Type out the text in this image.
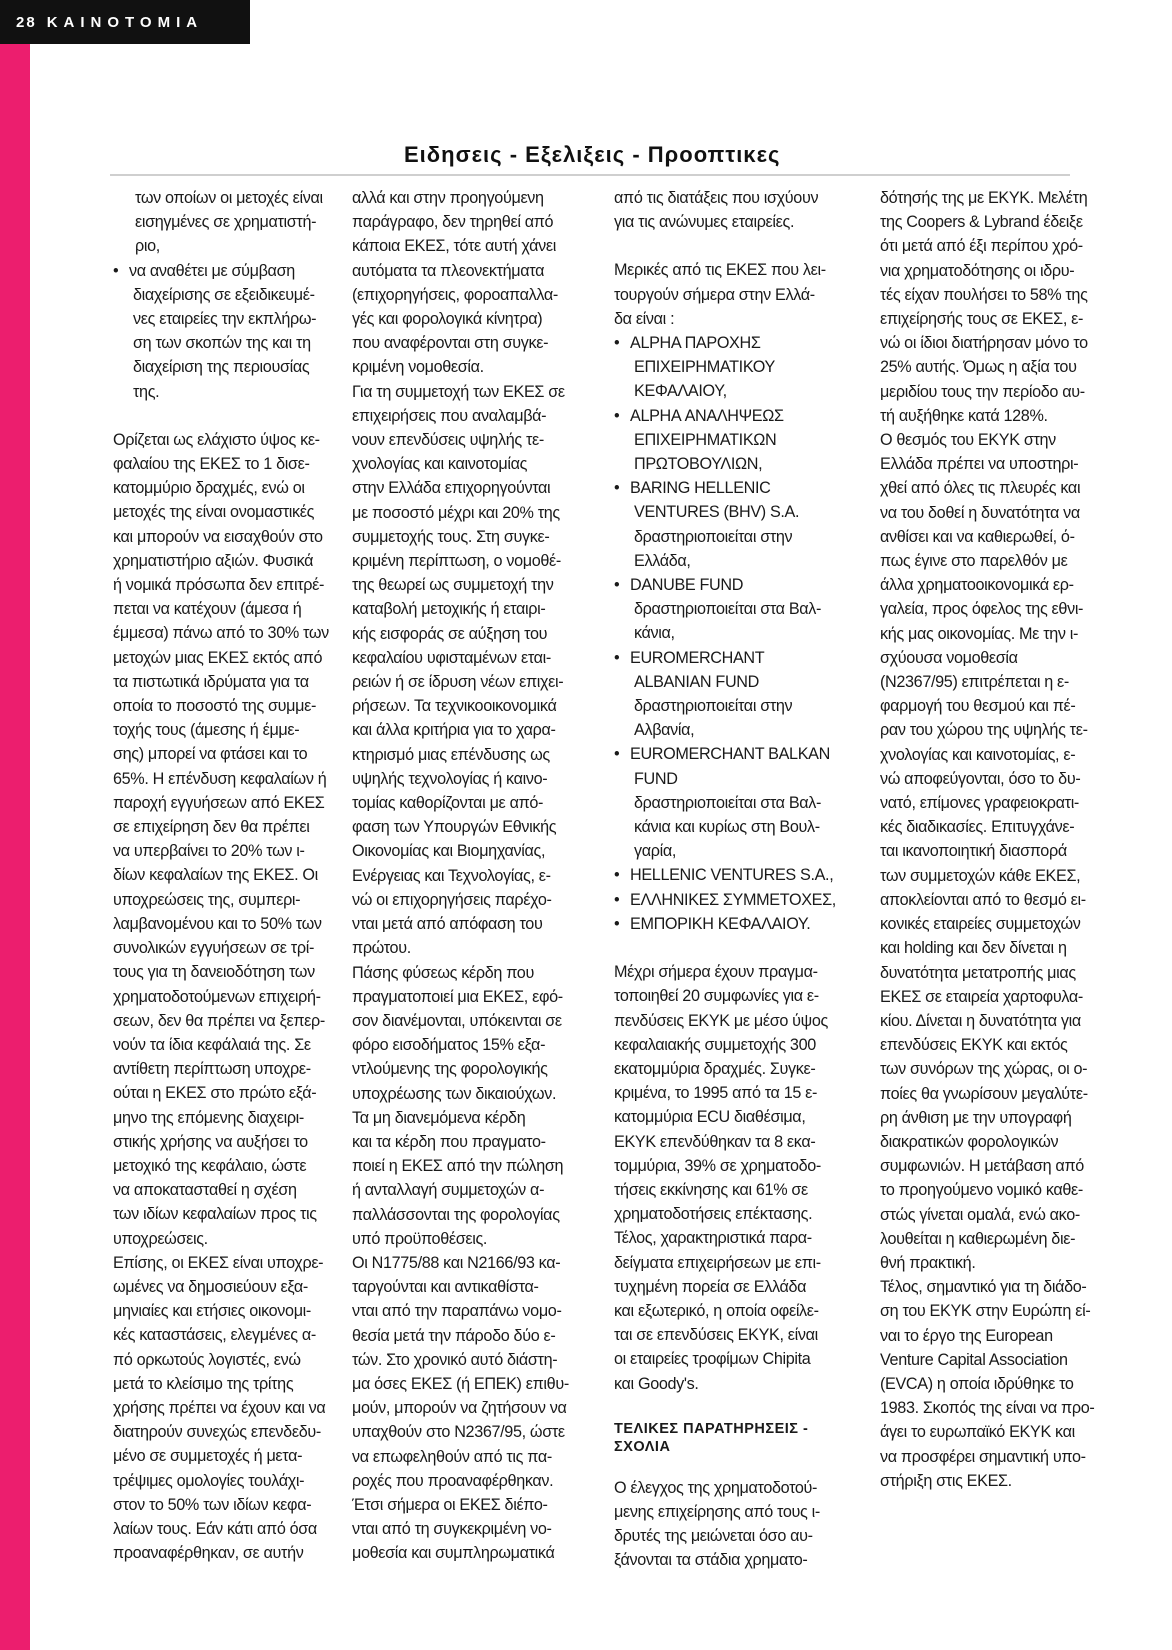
28 ΚΑΙΝΟΤΟΜΙΑ
Ειδησεις - Εξελιξεις - Προοπτικες
των οποίων οι μετοχές είναι
εισηγμένες σε χρηματιστή-
ριο,
• να αναθέτει με σύμβαση
διαχείρισης σε εξειδικευμέ-
νες εταιρείες την εκπλήρω-
ση των σκοπών της και τη
διαχείριση της περιουσίας
της.
Ορίζεται ως ελάχιστο ύψος κε-
φαλαίου της ΕΚΕΣ το 1 δισε-
κατομμύριο δραχμές, ενώ οι
μετοχές της είναι ονομαστικές
και μπορούν να εισαχθούν στο
χρηματιστήριο αξιών. Φυσικά
ή νομικά πρόσωπα δεν επιτρέ-
πεται να κατέχουν (άμεσα ή
έμμεσα) πάνω από το 30% των
μετοχών μιας ΕΚΕΣ εκτός από
τα πιστωτικά ιδρύματα για τα
οποία το ποσοστό της συμμε-
τοχής τους (άμεσης ή έμμε-
σης) μπορεί να φτάσει και το
65%. Η επένδυση κεφαλαίων ή
παροχή εγγυήσεων από ΕΚΕΣ
σε επιχείρηση δεν θα πρέπει
να υπερβαίνει το 20% των ι-
δίων κεφαλαίων της ΕΚΕΣ. Οι
υποχρεώσεις της, συμπερι-
λαμβανομένου και το 50% των
συνολικών εγγυήσεων σε τρί-
τους για τη δανειοδότηση των
χρηματοδοτούμενων επιχειρή-
σεων, δεν θα πρέπει να ξεπερ-
νούν τα ίδια κεφάλαιά της. Σε
αντίθετη περίπτωση υποχρε-
ούται η ΕΚΕΣ στο πρώτο εξά-
μηνο της επόμενης διαχειρι-
στικής χρήσης να αυξήσει το
μετοχικό της κεφάλαιο, ώστε
να αποκατασταθεί η σχέση
των ιδίων κεφαλαίων προς τις
υποχρεώσεις.
Επίσης, οι ΕΚΕΣ είναι υποχρε-
ωμένες να δημοσιεύουν εξα-
μηνιαίες και ετήσιες οικονομι-
κές καταστάσεις, ελεγμένες α-
πό ορκωτούς λογιστές, ενώ
μετά το κλείσιμο της τρίτης
χρήσης πρέπει να έχουν και να
διατηρούν συνεχώς επενδεδυ-
μένο σε συμμετοχές ή μετα-
τρέψιμες ομολογίες τουλάχι-
στον το 50% των ιδίων κεφα-
λαίων τους. Εάν κάτι από όσα
προαναφέρθηκαν, σε αυτήν
αλλά και στην προηγούμενη
παράγραφο, δεν τηρηθεί από
κάποια ΕΚΕΣ, τότε αυτή χάνει
αυτόματα τα πλεονεκτήματα
(επιχορηγήσεις, φοροαπαλλα-
γές και φορολογικά κίνητρα)
που αναφέρονται στη συγκε-
κριμένη νομοθεσία.
Για τη συμμετοχή των ΕΚΕΣ σε
επιχειρήσεις που αναλαμβά-
νουν επενδύσεις υψηλής τε-
χνολογίας και καινοτομίας
στην Ελλάδα επιχορηγούνται
με ποσοστό μέχρι και 20% της
συμμετοχής τους. Στη συγκε-
κριμένη περίπτωση, ο νομοθέ-
της θεωρεί ως συμμετοχή την
καταβολή μετοχικής ή εταιρι-
κής εισφοράς σε αύξηση του
κεφαλαίου υφισταμένων εται-
ρειών ή σε ίδρυση νέων επιχει-
ρήσεων. Τα τεχνικοοικονομικά
και άλλα κριτήρια για το χαρα-
κτηρισμό μιας επένδυσης ως
υψηλής τεχνολογίας ή καινο-
τομίας καθορίζονται με από-
φαση των Υπουργών Εθνικής
Οικονομίας και Βιομηχανίας,
Ενέργειας και Τεχνολογίας, ε-
νώ οι επιχορηγήσεις παρέχο-
νται μετά από απόφαση του
πρώτου.
Πάσης φύσεως κέρδη που
πραγματοποιεί μια ΕΚΕΣ, εφό-
σον διανέμονται, υπόκεινται σε
φόρο εισοδήματος 15% εξα-
ντλούμενης της φορολογικής
υποχρέωσης των δικαιούχων.
Τα μη διανεμόμενα κέρδη
και τα κέρδη που πραγματο-
ποιεί η ΕΚΕΣ από την πώληση
ή ανταλλαγή συμμετοχών α-
παλλάσσονται της φορολογίας
υπό προϋποθέσεις.
Οι Ν1775/88 και Ν2166/93 κα-
ταργούνται και αντικαθίστα-
νται από την παραπάνω νομο-
θεσία μετά την πάροδο δύο ε-
τών. Στο χρονικό αυτό διάστη-
μα όσες ΕΚΕΣ (ή ΕΠΕΚ) επιθυ-
μούν, μπορούν να ζητήσουν να
υπαχθούν στο Ν2367/95, ώστε
να επωφεληθούν από τις πα-
ροχές που προαναφέρθηκαν.
Έτσι σήμερα οι ΕΚΕΣ διέπο-
νται από τη συγκεκριμένη νο-
μοθεσία και συμπληρωματικά
από τις διατάξεις που ισχύουν
για τις ανώνυμες εταιρείες.
Μερικές από τις ΕΚΕΣ που λει-
τουργούν σήμερα στην Ελλά-
δα είναι :
• ALPHA ΠΑΡΟΧΗΣ
ΕΠΙΧΕΙΡΗΜΑΤΙΚΟΥ
ΚΕΦΑΛΑΙΟΥ,
• ALPHA ΑΝΑΛΗΨΕΩΣ
ΕΠΙΧΕΙΡΗΜΑΤΙΚΩΝ
ΠΡΩΤΟΒΟΥΛΙΩΝ,
• BARING HELLENIC
VENTURES (BHV) S.A.
δραστηριοποιείται στην
Ελλάδα,
• DANUBE FUND
δραστηριοποιείται στα Βαλ-
κάνια,
• EUROMERCHANT
ALBANIAN FUND
δραστηριοποιείται στην
Αλβανία,
• EUROMERCHANT BALKAN
FUND
δραστηριοποιείται στα Βαλ-
κάνια και κυρίως στη Βουλ-
γαρία,
• HELLENIC VENTURES S.A.,
• ΕΛΛΗΝΙΚΕΣ ΣΥΜΜΕΤΟΧΕΣ,
• ΕΜΠΟΡΙΚΗ ΚΕΦΑΛΑΙΟΥ.
Μέχρι σήμερα έχουν πραγμα-
τοποιηθεί 20 συμφωνίες για ε-
πενδύσεις ΕΚΥΚ με μέσο ύψος
κεφαλαιακής συμμετοχής 300
εκατομμύρια δραχμές. Συγκε-
κριμένα, το 1995 από τα 15 ε-
κατομμύρια ECU διαθέσιμα,
ΕΚΥΚ επενδύθηκαν τα 8 εκα-
τομμύρια, 39% σε χρηματοδο-
τήσεις εκκίνησης και 61% σε
χρηματοδοτήσεις επέκτασης.
Τέλος, χαρακτηριστικά παρα-
δείγματα επιχειρήσεων με επι-
τυχημένη πορεία σε Ελλάδα
και εξωτερικό, η οποία οφείλε-
ται σε επενδύσεις ΕΚΥΚ, είναι
οι εταιρείες τροφίμων Chipita
και Goody's.
ΤΕΛΙΚΕΣ ΠΑΡΑΤΗΡΗΣΕΙΣ -
ΣΧΟΛΙΑ
Ο έλεγχος της χρηματοδοτού-
μενης επιχείρησης από τους ι-
δρυτές της μειώνεται όσο αυ-
ξάνονται τα στάδια χρηματο-
δότησής της με ΕΚΥΚ. Μελέτη
της Coopers & Lybrand έδειξε
ότι μετά από έξι περίπου χρό-
νια χρηματοδότησης οι ιδρυ-
τές είχαν πουλήσει το 58% της
επιχείρησής τους σε ΕΚΕΣ, ε-
νώ οι ίδιοι διατήρησαν μόνο το
25% αυτής. Όμως η αξία του
μεριδίου τους την περίοδο αυ-
τή αυξήθηκε κατά 128%.
Ο θεσμός του ΕΚΥΚ στην
Ελλάδα πρέπει να υποστηρι-
χθεί από όλες τις πλευρές και
να του δοθεί η δυνατότητα να
ανθίσει και να καθιερωθεί, ό-
πως έγινε στο παρελθόν με
άλλα χρηματοοικονομικά ερ-
γαλεία, προς όφελος της εθνι-
κής μας οικονομίας. Με την ι-
σχύουσα νομοθεσία
(Ν2367/95) επιτρέπεται η ε-
φαρμογή του θεσμού και πέ-
ραν του χώρου της υψηλής τε-
χνολογίας και καινοτομίας, ε-
νώ αποφεύγονται, όσο το δυ-
νατό, επίμονες γραφειοκρατι-
κές διαδικασίες. Επιτυγχάνε-
ται ικανοποιητική διασπορά
των συμμετοχών κάθε ΕΚΕΣ,
αποκλείονται από το θεσμό ει-
κονικές εταιρείες συμμετοχών
και holding και δεν δίνεται η
δυνατότητα μετατροπής μιας
ΕΚΕΣ σε εταιρεία χαρτοφυλα-
κίου. Δίνεται η δυνατότητα για
επενδύσεις ΕΚΥΚ και εκτός
των συνόρων της χώρας, οι ο-
ποίες θα γνωρίσουν μεγαλύτε-
ρη άνθιση με την υπογραφή
διακρατικών φορολογικών
συμφωνιών. Η μετάβαση από
το προηγούμενο νομικό καθε-
στώς γίνεται ομαλά, ενώ ακο-
λουθείται η καθιερωμένη διε-
θνή πρακτική.
Τέλος, σημαντικό για τη διάδο-
ση του ΕΚΥΚ στην Ευρώπη εί-
ναι το έργο της European
Venture Capital Association
(EVCA) η οποία ιδρύθηκε το
1983. Σκοπός της είναι να προ-
άγει το ευρωπαϊκό ΕΚΥΚ και
να προσφέρει σημαντική υπο-
στήριξη στις ΕΚΕΣ.
